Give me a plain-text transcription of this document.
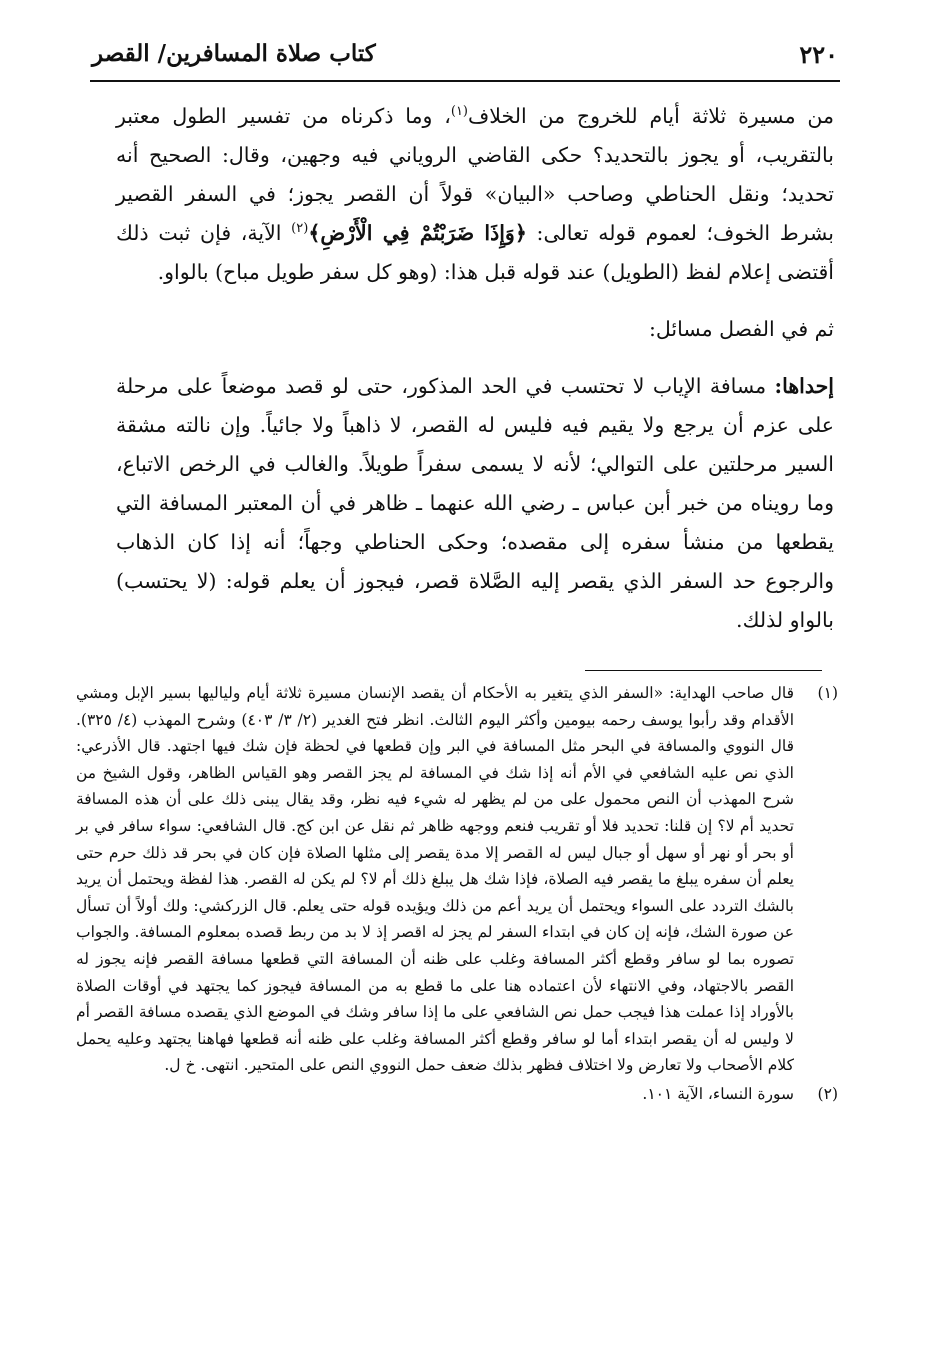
٢٢٠
كتاب صلاة المسافرين/ القصر

من مسيرة ثلاثة أيام للخروج من الخلاف$^{(١)}$، وما ذكرناه من تفسير الطول معتبر بالتقريب، أو يجوز بالتحديد؟ حكى القاضي الروياني فيه وجهين، وقال: الصحيح أنه تحديد؛ ونقل الحناطي وصاحب «البيان» قولاً أن القصر يجوز؛ في السفر القصير بشرط الخوف؛ لعموم قوله تعالى: ﴿وَإِذَا ضَرَبْتُمْ فِي الْأَرْضِ﴾$^{(٢)}$ الآية، فإن ثبت ذلك أقتضى إعلام لفظ (الطويل) عند قوله قبل هذا: (وهو كل سفر طويل مباح) بالواو.

ثم في الفصل مسائل:

إحداها: مسافة الإياب لا تحتسب في الحد المذكور، حتى لو قصد موضعاً على مرحلة على عزم أن يرجع ولا يقيم فيه فليس له القصر، لا ذاهباً ولا جائياً. وإن نالته مشقة السير مرحلتين على التوالي؛ لأنه لا يسمى سفراً طويلاً. والغالب في الرخص الاتباع، وما رويناه من خبر أبن عباس ـ رضي الله عنهما ـ ظاهر في أن المعتبر المسافة التي يقطعها من منشأ سفره إلى مقصده؛ وحكى الحناطي وجهاً؛ أنه إذا كان الذهاب والرجوع حد السفر الذي يقصر إليه الصَّلاة قصر، فيجوز أن يعلم قوله: (لا يحتسب) بالواو لذلك.

(١)
قال صاحب الهداية: «السفر الذي يتغير به الأحكام أن يقصد الإنسان مسيرة ثلاثة أيام ولياليها بسير الإبل ومشي الأقدام وقد رأبوا يوسف رحمه بيومين وأكثر اليوم الثالث. انظر فتح الغدير (٢/ ٣/ ٤٠٣) وشرح المهذب (٤/ ٣٢٥). قال النووي والمسافة في البحر مثل المسافة في البر وإن قطعها في لحظة فإن شك فيها اجتهد. قال الأذرعي: الذي نص عليه الشافعي في الأم أنه إذا شك في المسافة لم يجز القصر وهو القياس الظاهر، وقول الشيخ من شرح المهذب أن النص محمول على من لم يظهر له شيء فيه نظر، وقد يقال يبنى ذلك على أن هذه المسافة تحديد أم لا؟ إن قلنا: تحديد فلا أو تقريب فنعم ووجهه ظاهر ثم نقل عن ابن كج. قال الشافعي: سواء سافر في بر أو بحر أو نهر أو سهل أو جبال ليس له القصر إلا مدة يقصر إلى مثلها الصلاة فإن كان في بحر قد ذلك حرم حتى يعلم أن سفره يبلغ ما يقصر فيه الصلاة، فإذا شك هل يبلغ ذلك أم لا؟ لم يكن له القصر. هذا لفظة ويحتمل أن يريد بالشك التردد على السواء ويحتمل أن يريد أعم من ذلك ويؤيده قوله حتى يعلم. قال الزركشي: ولك أولاً أن تسأل عن صورة الشك، فإنه إن كان في ابتداء السفر لم يجز له اقصر إذ لا بد من ربط قصده بمعلوم المسافة. والجواب تصوره بما لو سافر وقطع أكثر المسافة وغلب على ظنه أن المسافة التي قطعها مسافة القصر فإنه يجوز له القصر بالاجتهاد، وفي الانتهاء لأن اعتماده هنا على ما قطع به من المسافة فيجوز كما يجتهد في أوقات الصلاة بالأوراد إذا عملت هذا فيجب حمل نص الشافعي على ما إذا سافر وشك في الموضع الذي يقصده مسافة القصر أم لا وليس له أن يقصر ابتداء أما لو سافر وقطع أكثر المسافة وغلب على ظنه أنه قطعها فهاهنا يجتهد وعليه يحمل كلام الأصحاب ولا تعارض ولا اختلاف فظهر بذلك ضعف حمل النووي النص على المتحير. انتهى. خ ل.
(٢)
سورة النساء، الآية ١٠١.
